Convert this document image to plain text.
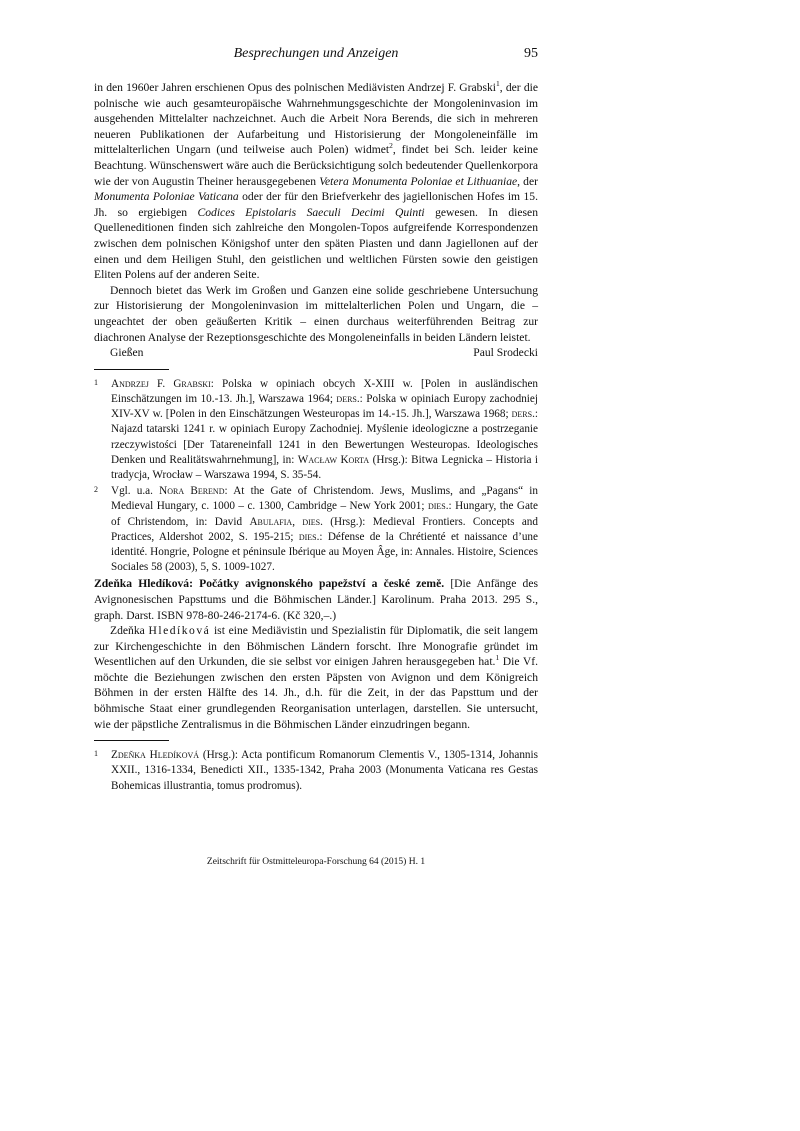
Besprechungen und Anzeigen	95

in den 1960er Jahren erschienen Opus des polnischen Mediävisten Andrzej F. Grabski$^1$, der die polnische wie auch gesamteuropäische Wahrnehmungsgeschichte der Mongoleninvasion im ausgehenden Mittelalter nachzeichnet. Auch die Arbeit Nora Berends, die sich in mehreren neueren Publikationen der Aufarbeitung und Historisierung der Mongoleneinfälle im mittelalterlichen Ungarn (und teilweise auch Polen) widmet$^2$, findet bei Sch. leider keine Beachtung. Wünschenswert wäre auch die Berücksichtigung solch bedeutender Quellenkorpora wie der von Augustin Theiner herausgegebenen Vetera Monumenta Poloniae et Lithuaniae, der Monumenta Poloniae Vaticana oder der für den Briefverkehr des jagiellonischen Hofes im 15. Jh. so ergiebigen Codices Epistolaris Saeculi Decimi Quinti gewesen. In diesen Quelleneditionen finden sich zahlreiche den Mongolen-Topos aufgreifende Korrespondenzen zwischen dem polnischen Königshof unter den späten Piasten und dann Jagiellonen auf der einen und dem Heiligen Stuhl, den geistlichen und weltlichen Fürsten sowie den geistigen Eliten Polens auf der anderen Seite.

Dennoch bietet das Werk im Großen und Ganzen eine solide geschriebene Untersuchung zur Historisierung der Mongoleninvasion im mittelalterlichen Polen und Ungarn, die – ungeachtet der oben geäußerten Kritik – einen durchaus weiterführenden Beitrag zur diachronen Analyse der Rezeptionsgeschichte des Mongoleneinfalls in beiden Ländern leistet.

Gießen	Paul Srodecki
1	Andrzej F. Grabski: Polska w opiniach obcych X-XIII w. [Polen in ausländischen Einschätzungen im 10.-13. Jh.], Warszawa 1964; ders.: Polska w opiniach Europy zachodniej XIV-XV w. [Polen in den Einschätzungen Westeuropas im 14.-15. Jh.], Warszawa 1968; ders.: Najazd tatarski 1241 r. w opiniach Europy Zachodniej. Myślenie ideologiczne a postrzeganie rzeczywistości [Der Tatareneinfall 1241 in den Bewertungen Westeuropas. Ideologisches Denken und Realitätswahrnehmung], in: Wacław Korta (Hrsg.): Bitwa Legnicka – Historia i tradycja, Wrocław – Warszawa 1994, S. 35-54.
2	Vgl. u.a. Nora Berend: At the Gate of Christendom. Jews, Muslims, and „Pagans“ in Medieval Hungary, c. 1000 – c. 1300, Cambridge – New York 2001; dies.: Hungary, the Gate of Christendom, in: David Abulafia, dies. (Hrsg.): Medieval Frontiers. Concepts and Practices, Aldershot 2002, S. 195-215; dies.: Défense de la Chrétienté et naissance d’une identité. Hongrie, Pologne et péninsule Ibérique au Moyen Âge, in: Annales. Histoire, Sciences Sociales 58 (2003), 5, S. 1009-1027.

Zdeňka Hledíková: Počátky avignonského papežství a české země. [Die Anfänge des Avignonesischen Papsttums und die Böhmischen Länder.] Karolinum. Praha 2013. 295 S., graph. Darst. ISBN 978-80-246-2174-6. (Kč 320,–.)

Zdeňka Hledíková ist eine Mediävistin und Spezialistin für Diplomatik, die seit langem zur Kirchengeschichte in den Böhmischen Ländern forscht. Ihre Monografie gründet im Wesentlichen auf den Urkunden, die sie selbst vor einigen Jahren herausgegeben hat.$^1$ Die Vf. möchte die Beziehungen zwischen den ersten Päpsten von Avignon und dem Königreich Böhmen in der ersten Hälfte des 14. Jh., d.h. für die Zeit, in der das Papsttum und der böhmische Staat einer grundlegenden Reorganisation unterlagen, darstellen. Sie untersucht, wie der päpstliche Zentralismus in die Böhmischen Länder einzudringen begann.

1	Zdeňka Hledíková (Hrsg.): Acta pontificum Romanorum Clementis V., 1305-1314, Johannis XXII., 1316-1334, Benedicti XII., 1335-1342, Praha 2003 (Monumenta Vaticana res Gestas Bohemicas illustrantia, tomus prodromus).
Zeitschrift für Ostmitteleuropa-Forschung 64 (2015) H. 1
